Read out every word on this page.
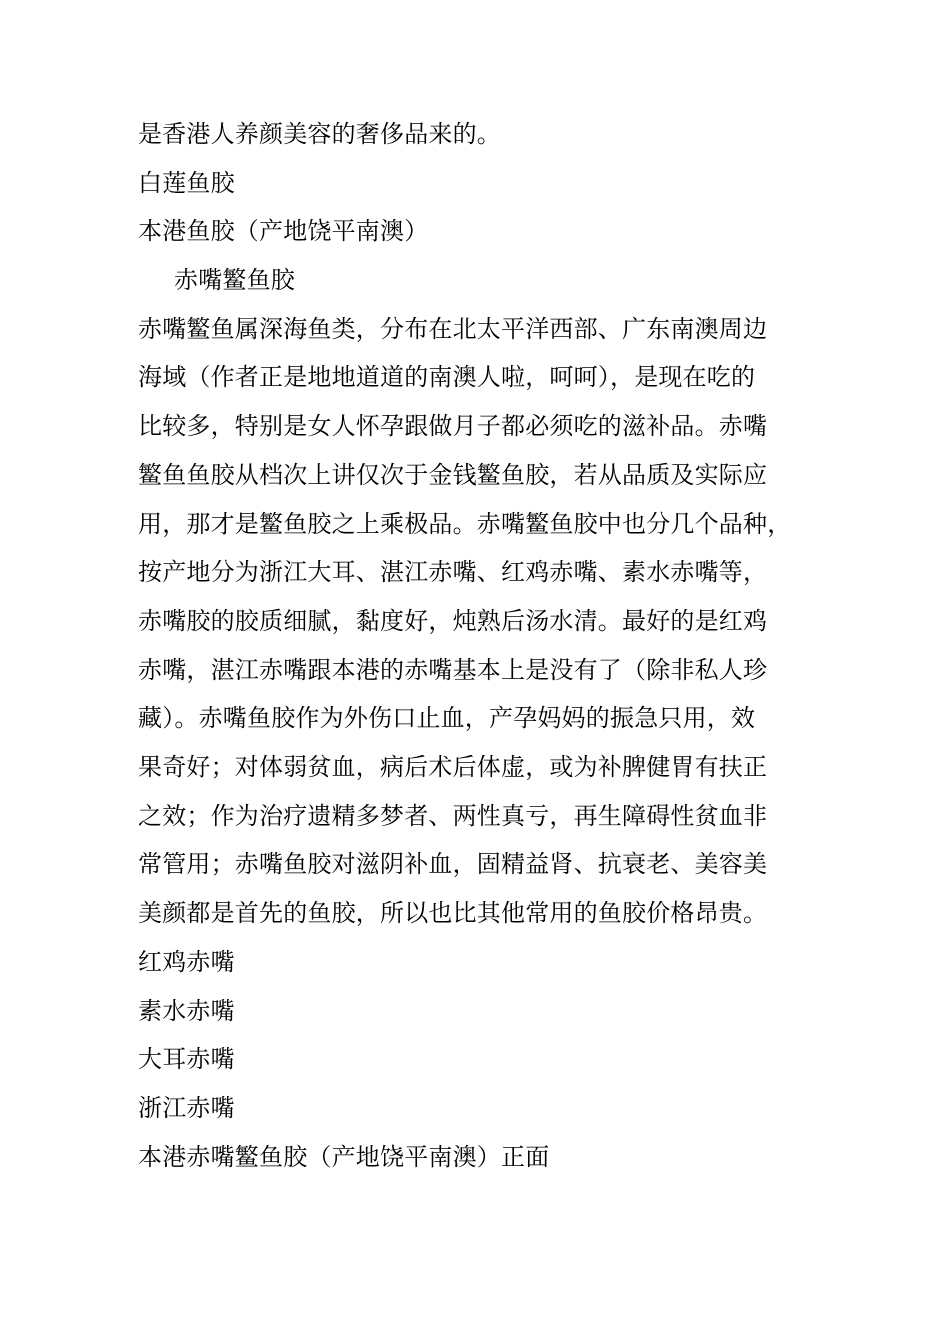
是香港人养颜美容的奢侈品来的。
白莲鱼胶
本港鱼胶（产地饶平南澳）
赤嘴鳘鱼胶
赤嘴鳘鱼属深海鱼类，分布在北太平洋西部、广东南澳周边
海域（作者正是地地道道的南澳人啦，呵呵），是现在吃的
比较多，特别是女人怀孕跟做月子都必须吃的滋补品。赤嘴
鳘鱼鱼胶从档次上讲仅次于金钱鳘鱼胶，若从品质及实际应
用，那才是鳘鱼胶之上乘极品。赤嘴鳘鱼胶中也分几个品种，
按产地分为浙江大耳、湛江赤嘴、红鸡赤嘴、素水赤嘴等，
赤嘴胶的胶质细腻，黏度好，炖熟后汤水清。最好的是红鸡
赤嘴，湛江赤嘴跟本港的赤嘴基本上是没有了（除非私人珍
藏）。赤嘴鱼胶作为外伤口止血，产孕妈妈的振急只用，效
果奇好；对体弱贫血，病后术后体虚，或为补脾健胃有扶正
之效；作为治疗遗精多梦者、两性真亏，再生障碍性贫血非
常管用；赤嘴鱼胶对滋阴补血，固精益肾、抗衰老、美容美
美颜都是首先的鱼胶，所以也比其他常用的鱼胶价格昂贵。
红鸡赤嘴
素水赤嘴
大耳赤嘴
浙江赤嘴
本港赤嘴鳘鱼胶（产地饶平南澳）正面
